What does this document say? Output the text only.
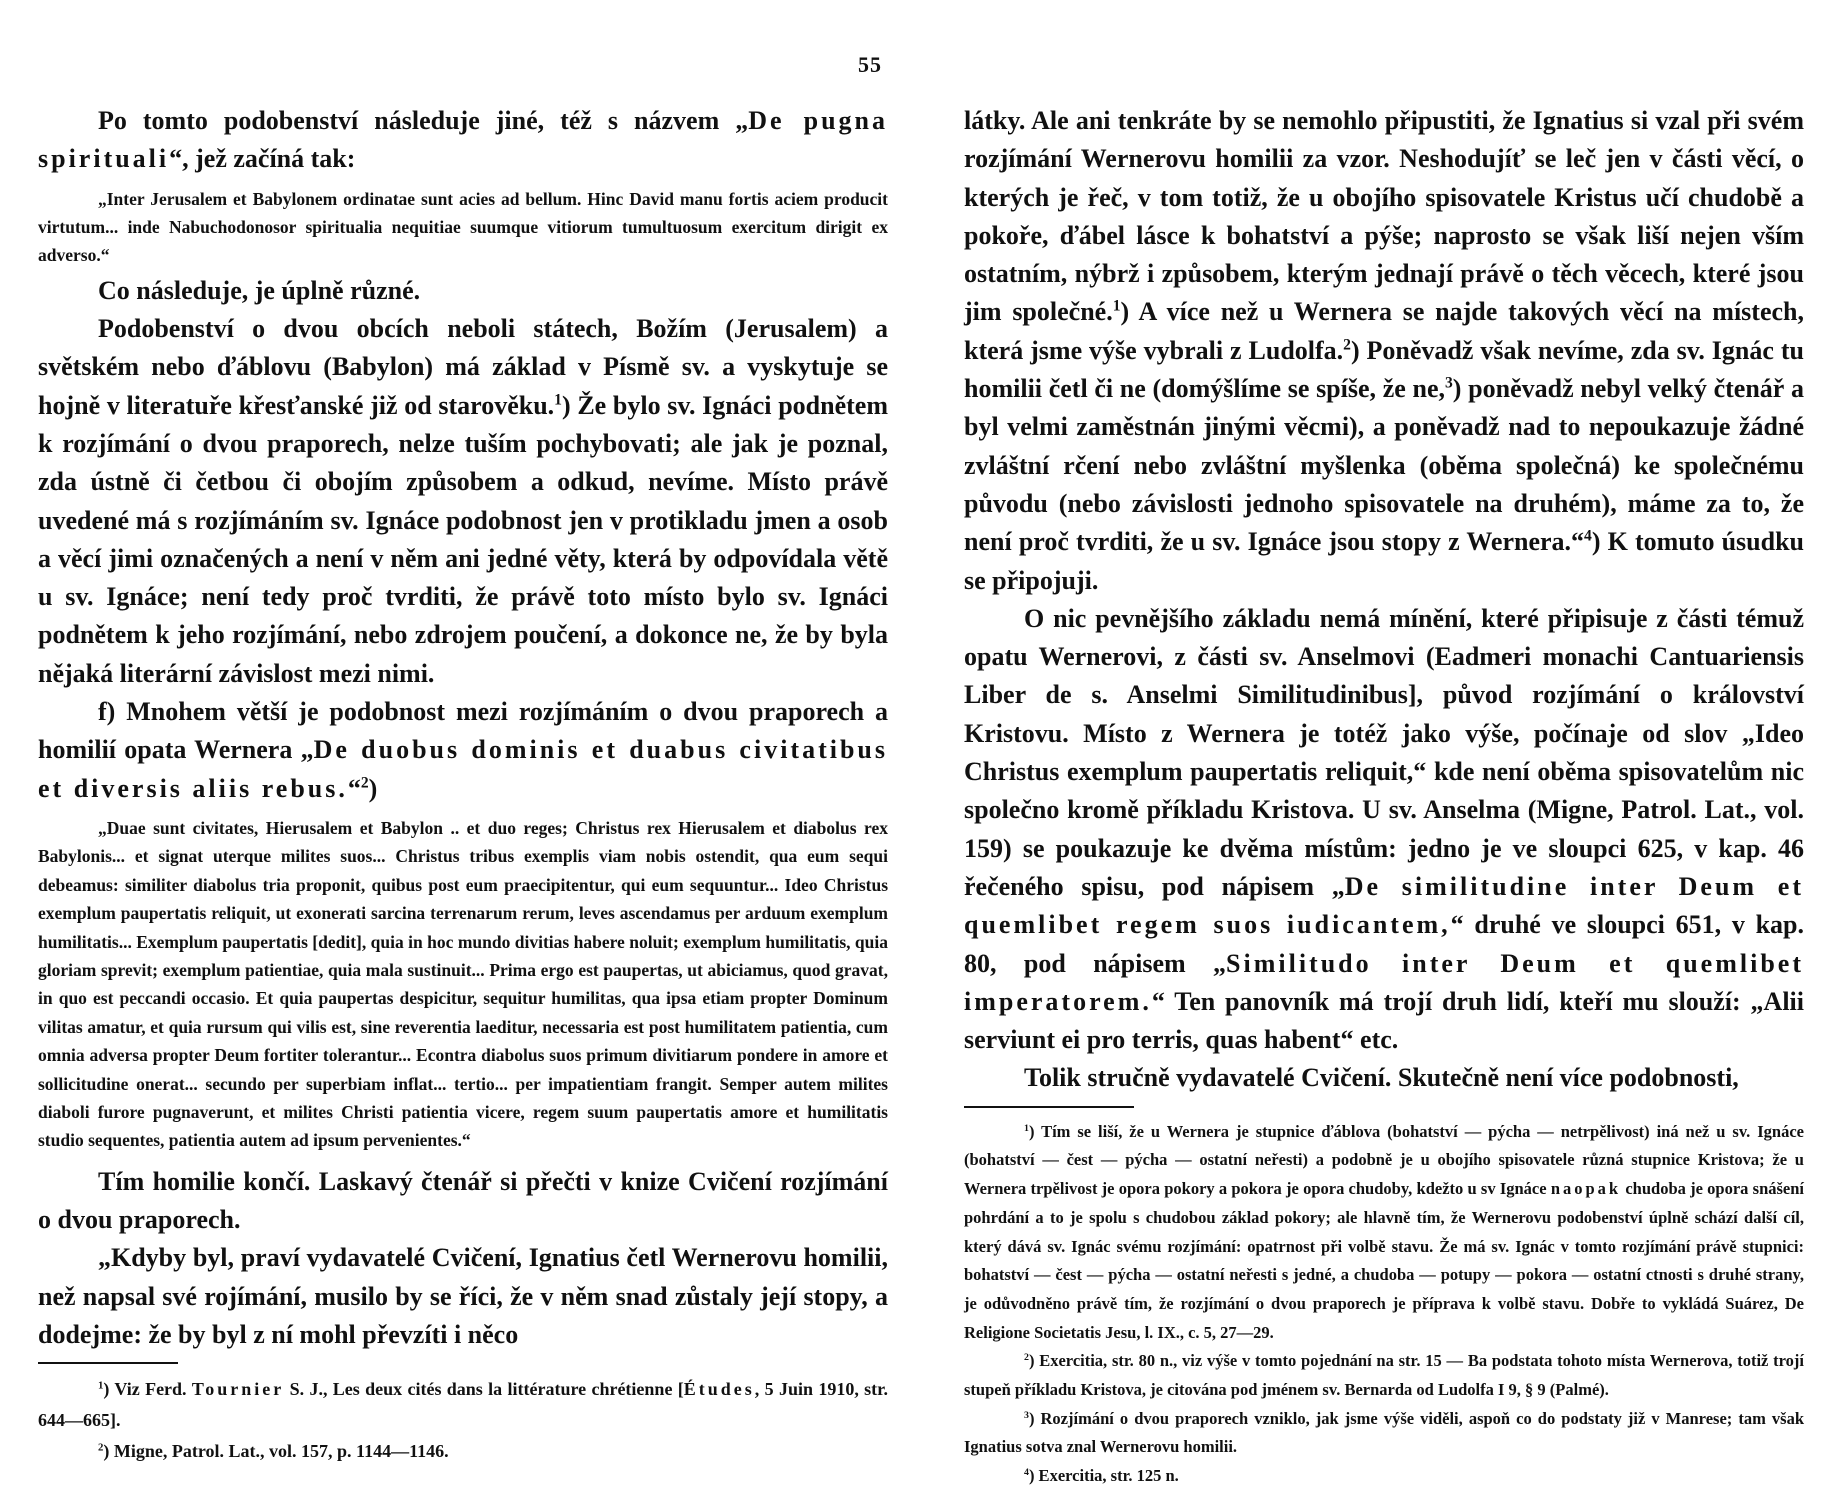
55

Po tomto podobenství následuje jiné, též s názvem „De pugna spirituali“, jež začíná tak:

„Inter Jerusalem et Babylonem ordinatae sunt acies ad bellum. Hinc David manu fortis aciem producit virtutum... inde Nabuchodonosor spiritualia nequitiae suumque vitiorum tumultuosum exercitum dirigit ex adverso.“

Co následuje, je úplně různé.

Podobenství o dvou obcích neboli státech, Božím (Jerusalem) a světském nebo ďáblovu (Babylon) má základ v Písmě sv. a vyskytuje se hojně v literatuře křesťanské již od starověku.$^1$) Že bylo sv. Ignáci podnětem k rozjímání o dvou praporech, nelze tuším pochybovati; ale jak je poznal, zda ústně či četbou či obojím způsobem a odkud, nevíme. Místo právě uvedené má s rozjímáním sv. Ignáce podobnost jen v protikladu jmen a osob a věcí jimi označených a není v něm ani jedné věty, která by odpovídala větě u sv. Ignáce; není tedy proč tvrditi, že právě toto místo bylo sv. Ignáci podnětem k jeho rozjímání, nebo zdrojem poučení, a dokonce ne, že by byla nějaká literární závislost mezi nimi.

f) Mnohem větší je podobnost mezi rozjímáním o dvou praporech a homilií opata Wernera „De duobus dominis et duabus civitatibus et diversis aliis rebus.“$^2$)

„Duae sunt civitates, Hierusalem et Babylon .. et duo reges; Christus rex Hierusalem et diabolus rex Babylonis... et signat uterque milites suos... Christus tribus exemplis viam nobis ostendit, qua eum sequi debeamus: similiter diabolus tria proponit, quibus post eum praecipitentur, qui eum sequuntur... Ideo Christus exemplum paupertatis reliquit, ut exonerati sarcina terrenarum rerum, leves ascendamus per arduum exemplum humilitatis... Exemplum paupertatis [dedit], quia in hoc mundo divitias habere noluit; exemplum humilitatis, quia gloriam sprevit; exemplum patientiae, quia mala sustinuit... Prima ergo est paupertas, ut abiciamus, quod gravat, in quo est peccandi occasio. Et quia paupertas despicitur, sequitur humilitas, qua ipsa etiam propter Dominum vilitas amatur, et quia rursum qui vilis est, sine reverentia laeditur, necessaria est post humilitatem patientia, cum omnia adversa propter Deum fortiter tolerantur... Econtra diabolus suos primum divitiarum pondere in amore et sollicitudine onerat... secundo per superbiam inflat... tertio... per impatientiam frangit. Semper autem milites diaboli furore pugnaverunt, et milites Christi patientia vicere, regem suum paupertatis amore et humilitatis studio sequentes, patientia autem ad ipsum pervenientes.“

Tím homilie končí. Laskavý čtenář si přečti v knize Cvičení rozjímání o dvou praporech.

„Kdyby byl, praví vydavatelé Cvičení, Ignatius četl Wernerovu homilii, než napsal své rojímání, musilo by se říci, že v něm snad zůstaly její stopy, a dodejme: že by byl z ní mohl převzíti i něco

$^1$) Viz Ferd. Tournier S. J., Les deux cités dans la littérature chrétienne [Études, 5 Juin 1910, str. 644—665].

$^2$) Migne, Patrol. Lat., vol. 157, p. 1144—1146.

látky. Ale ani tenkráte by se nemohlo připustiti, že Ignatius si vzal při svém rozjímání Wernerovu homilii za vzor. Neshodujíť se leč jen v části věcí, o kterých je řeč, v tom totiž, že u obojího spisovatele Kristus učí chudobě a pokoře, ďábel lásce k bohatství a pýše; naprosto se však liší nejen vším ostatním, nýbrž i způsobem, kterým jednají právě o těch věcech, které jsou jim společné.$^1$) A více než u Wernera se najde takových věcí na místech, která jsme výše vybrali z Ludolfa.$^2$) Poněvadž však nevíme, zda sv. Ignác tu homilii četl či ne (domýšlíme se spíše, že ne,$^3$) poněvadž nebyl velký čtenář a byl velmi zaměstnán jinými věcmi), a poněvadž nad to nepoukazuje žádné zvláštní rčení nebo zvláštní myšlenka (oběma společná) ke společnému původu (nebo závislosti jednoho spisovatele na druhém), máme za to, že není proč tvrditi, že u sv. Ignáce jsou stopy z Wernera.“$^4$) K tomuto úsudku se připojuji.

O nic pevnějšího základu nemá mínění, které připisuje z části témuž opatu Wernerovi, z části sv. Anselmovi (Eadmeri monachi Cantuariensis Liber de s. Anselmi Similitudinibus], původ rozjímání o království Kristovu. Místo z Wernera je totéž jako výše, počínaje od slov „Ideo Christus exemplum paupertatis reliquit,“ kde není oběma spisovatelům nic společno kromě příkladu Kristova. U sv. Anselma (Migne, Patrol. Lat., vol. 159) se poukazuje ke dvěma místům: jedno je ve sloupci 625, v kap. 46 řečeného spisu, pod nápisem „De similitudine inter Deum et quemlibet regem suos iudicantem,“ druhé ve sloupci 651, v kap. 80, pod nápisem „Similitudo inter Deum et quemlibet imperatorem.“ Ten panovník má trojí druh lidí, kteří mu slouží: „Alii serviunt ei pro terris, quas habent“ etc.

Tolik stručně vydavatelé Cvičení. Skutečně není více podobnosti,

$^1$) Tím se liší, že u Wernera je stupnice ďáblova (bohatství — pýcha — netrpělivost) iná než u sv. Ignáce (bohatství — čest — pýcha — ostatní neřesti) a podobně je u obojího spisovatele různá stupnice Kristova; že u Wernera trpělivost je opora pokory a pokora je opora chudoby, kdežto u sv Ignáce naopak chudoba je opora snášení pohrdání a to je spolu s chudobou základ pokory; ale hlavně tím, že Wernerovu podobenství úplně schází další cíl, který dává sv. Ignác svému rozjímání: opatrnost při volbě stavu. Že má sv. Ignác v tomto rozjímání právě stupnici: bohatství — čest — pýcha — ostatní neřesti s jedné, a chudoba — potupy — pokora — ostatní ctnosti s druhé strany, je odůvodněno právě tím, že rozjímání o dvou praporech je příprava k volbě stavu. Dobře to vykládá Suárez, De Religione Societatis Jesu, l. IX., c. 5, 27—29.

$^2$) Exercitia, str. 80 n., viz výše v tomto pojednání na str. 15 — Ba podstata tohoto místa Wernerova, totiž trojí stupeň příkladu Kristova, je citována pod jménem sv. Bernarda od Ludolfa I 9, § 9 (Palmé).

$^3$) Rozjímání o dvou praporech vzniklo, jak jsme výše viděli, aspoň co do podstaty již v Manrese; tam však Ignatius sotva znal Wernerovu homilii.

$^4$) Exercitia, str. 125 n.
